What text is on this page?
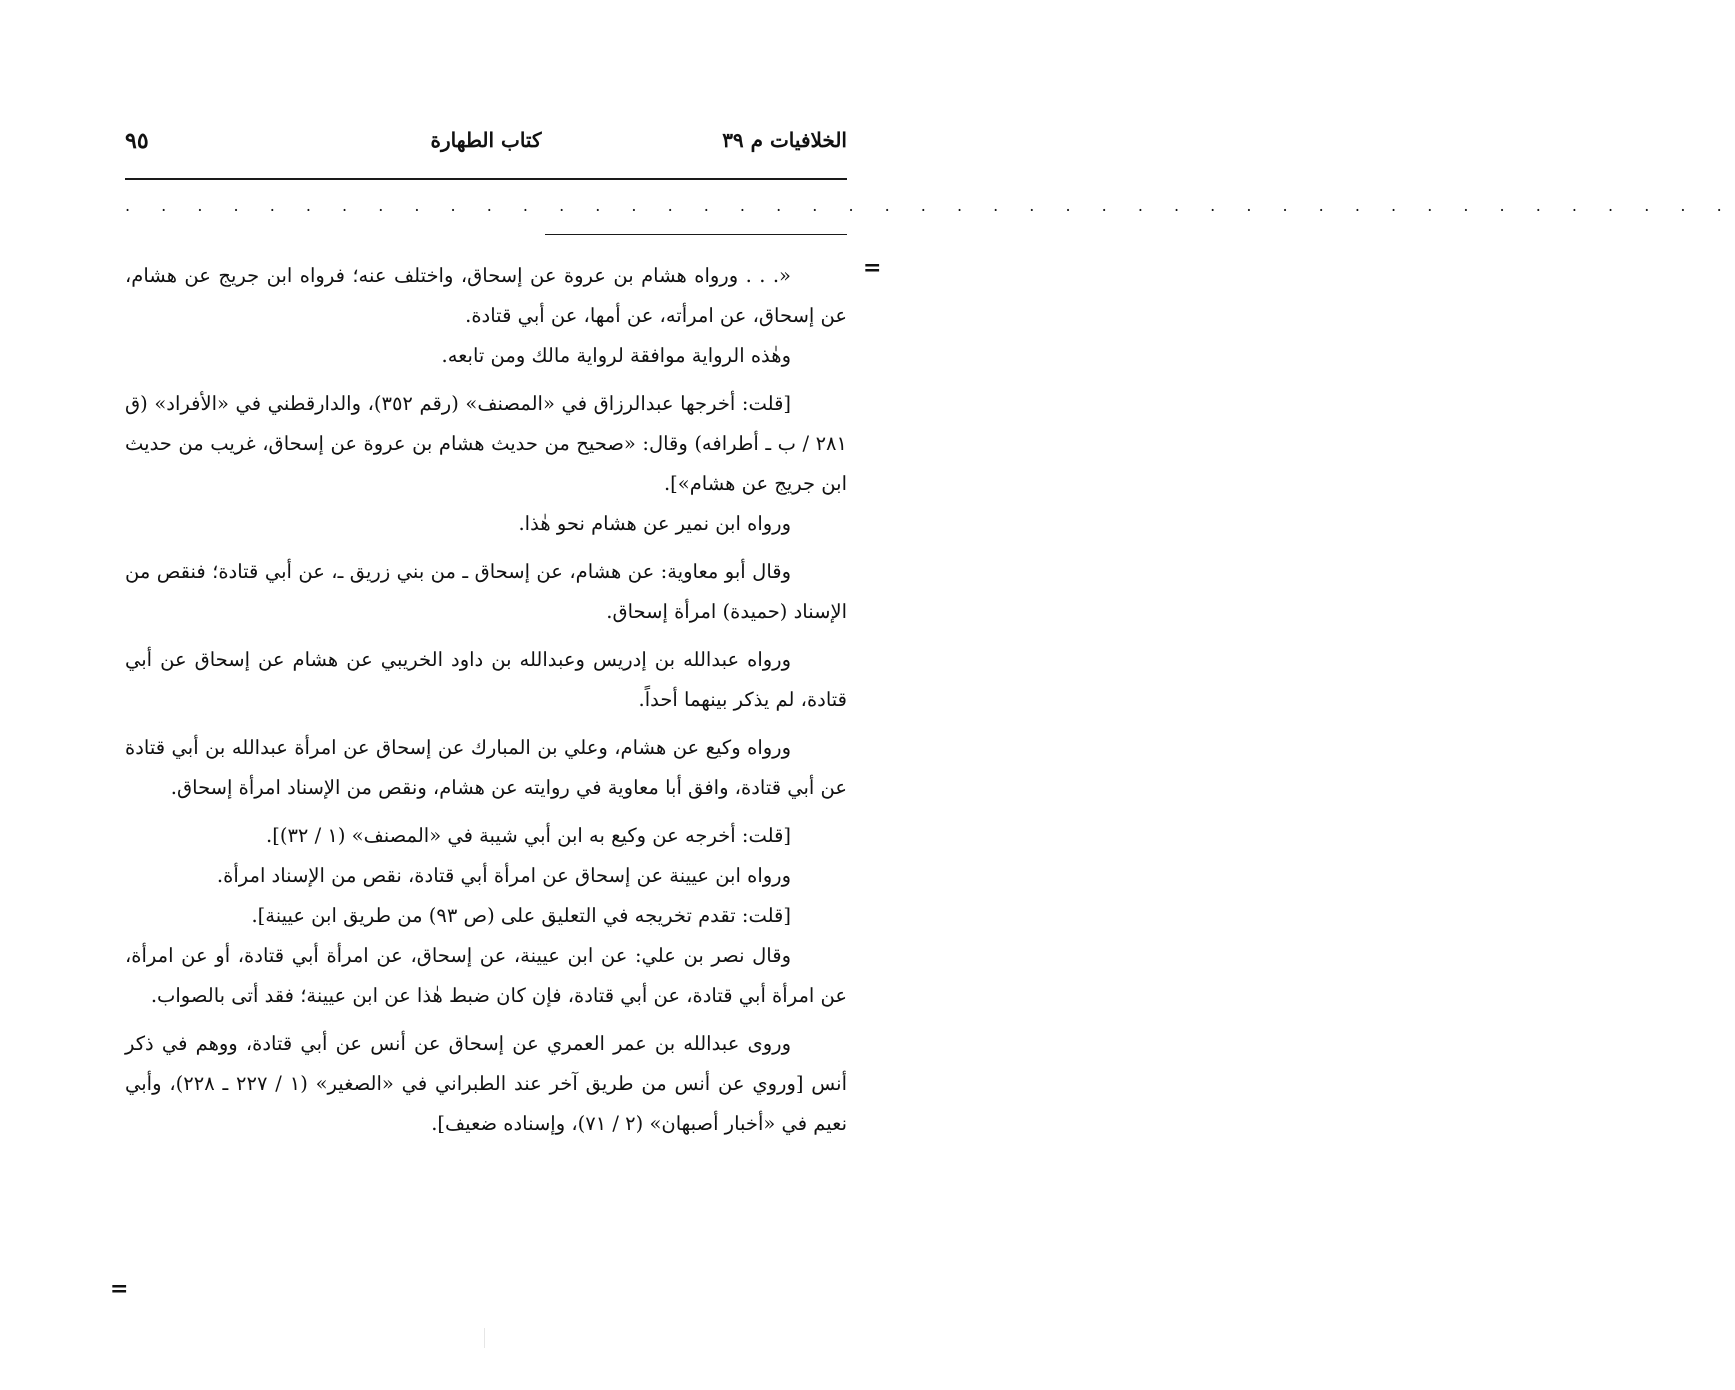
الخلافيات م ٣٩
كتاب الطهارة
٩٥
. . . . . . . . . . . . . . . . . . . . . . . . . . . . . . . . . . . . . . . . . . . . .
=

«. . . ورواه هشام بن عروة عن إسحاق، واختلف عنه؛ فرواه ابن جريج عن هشام، عن إسحاق، عن امرأته، عن أمها، عن أبي قتادة.

وهٰذه الرواية موافقة لرواية مالك ومن تابعه.

[قلت: أخرجها عبدالرزاق في «المصنف» (رقم ٣٥٢)، والدارقطني في «الأفراد» (ق ٢٨١ / ب ـ أطرافه) وقال: «صحيح من حديث هشام بن عروة عن إسحاق، غريب من حديث ابن جريج عن هشام»].

ورواه ابن نمير عن هشام نحو هٰذا.

وقال أبو معاوية: عن هشام، عن إسحاق ـ من بني زريق ـ، عن أبي قتادة؛ فنقص من الإسناد (حميدة) امرأة إسحاق.

ورواه عبدالله بن إدريس وعبدالله بن داود الخريبي عن هشام عن إسحاق عن أبي قتادة، لم يذكر بينهما أحداً.

ورواه وكيع عن هشام، وعلي بن المبارك عن إسحاق عن امرأة عبدالله بن أبي قتادة عن أبي قتادة، وافق أبا معاوية في روايته عن هشام، ونقص من الإسناد امرأة إسحاق.

[قلت: أخرجه عن وكيع به ابن أبي شيبة في «المصنف» (١ / ٣٢)].

ورواه ابن عيينة عن إسحاق عن امرأة أبي قتادة، نقص من الإسناد امرأة.

[قلت: تقدم تخريجه في التعليق على (ص ٩٣) من طريق ابن عيينة].

وقال نصر بن علي: عن ابن عيينة، عن إسحاق، عن امرأة أبي قتادة، أو عن امرأة، عن امرأة أبي قتادة، عن أبي قتادة، فإن كان ضبط هٰذا عن ابن عيينة؛ فقد أتى بالصواب.

وروى عبدالله بن عمر العمري عن إسحاق عن أنس عن أبي قتادة، ووهم في ذكر أنس [وروي عن أنس من طريق آخر عند الطبراني في «الصغير» (١ / ٢٢٧ ـ ٢٢٨)، وأبي نعيم في «أخبار أصبهان» (٢ / ٧١)، وإسناده ضعيف].

=
